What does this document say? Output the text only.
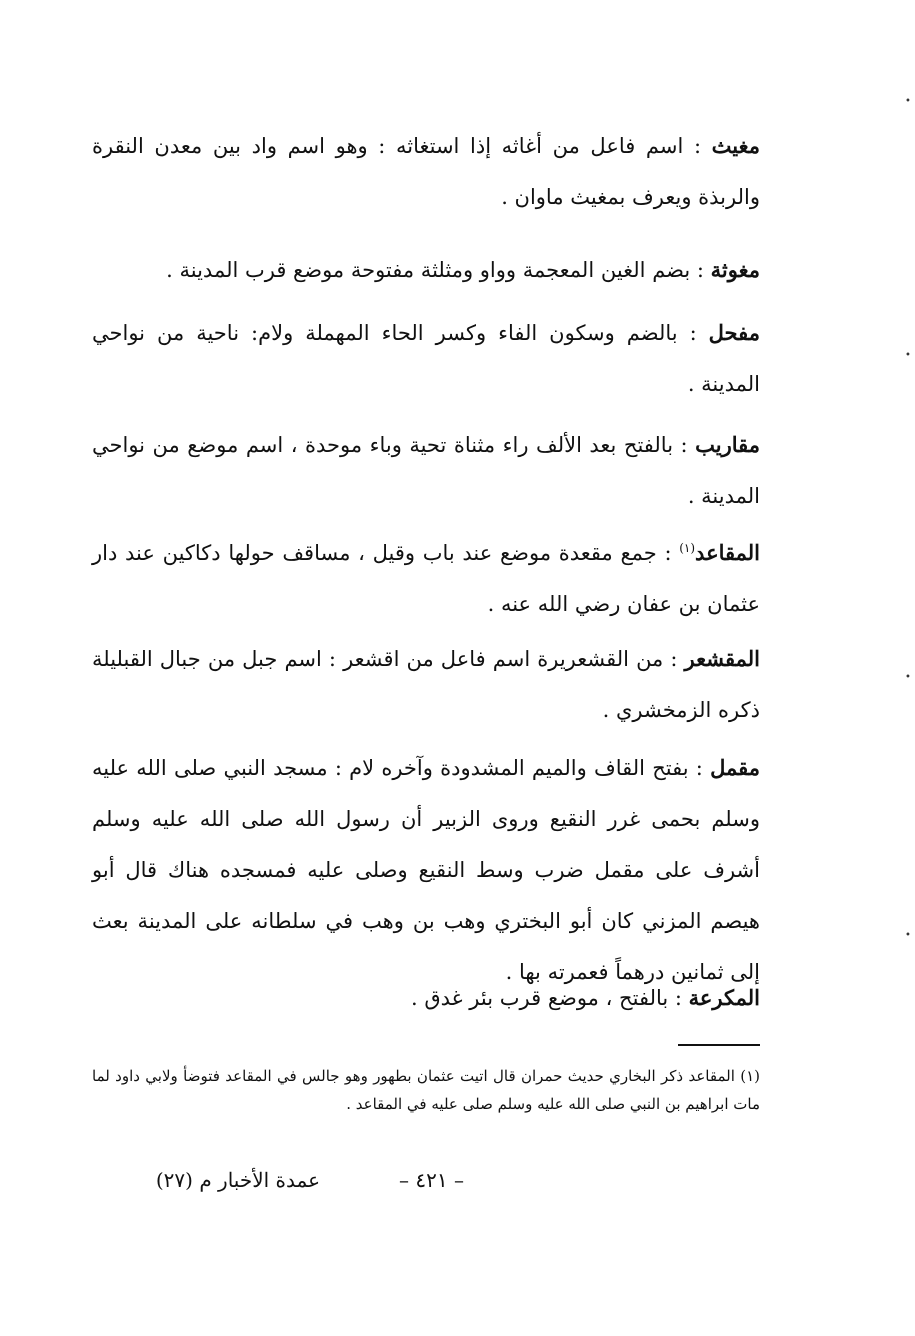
مغيث : اسم فاعل من أغاثه إذا استغاثه : وهو اسم واد بين معدن النقرة والربذة ويعرف بمغيث ماوان .

مغوثة : بضم الغين المعجمة وواو ومثلثة مفتوحة موضع قرب المدينة .

مفحل : بالضم وسكون الفاء وكسر الحاء المهملة ولام: ناحية من نواحي المدينة .

مقاريب : بالفتح بعد الألف راء مثناة تحية وباء موحدة ، اسم موضع من نواحي المدينة .

المقاعد$^{(١)}$ : جمع مقعدة موضع عند باب وقيل ، مساقف حولها دكاكين عند دار عثمان بن عفان رضي الله عنه .

المقشعر : من القشعريرة اسم فاعل من اقشعر : اسم جبل من جبال القبليلة ذكره الزمخشري .

مقمل : بفتح القاف والميم المشدودة وآخره لام : مسجد النبي صلى الله عليه وسلم بحمى غرر النقيع وروى الزبير أن رسول الله صلى الله عليه وسلم أشرف على مقمل ضرب وسط النقيع وصلى عليه فمسجده هناك قال أبو هيصم المزني كان أبو البختري وهب بن وهب في سلطانه على المدينة بعث إلى ثمانين درهماً فعمرته بها .

المكرعة : بالفتح ، موضع قرب بئر غدق .

(١) المقاعد ذكر البخاري حديث حمران قال اتيت عثمان بطهور وهو جالس في المقاعد فتوضأ ولابي داود لما مات ابراهيم بن النبي صلى الله عليه وسلم صلى عليه في المقاعد .

– ٤٢١ –
عمدة الأخبار م (٢٧)
•
•
•
•
